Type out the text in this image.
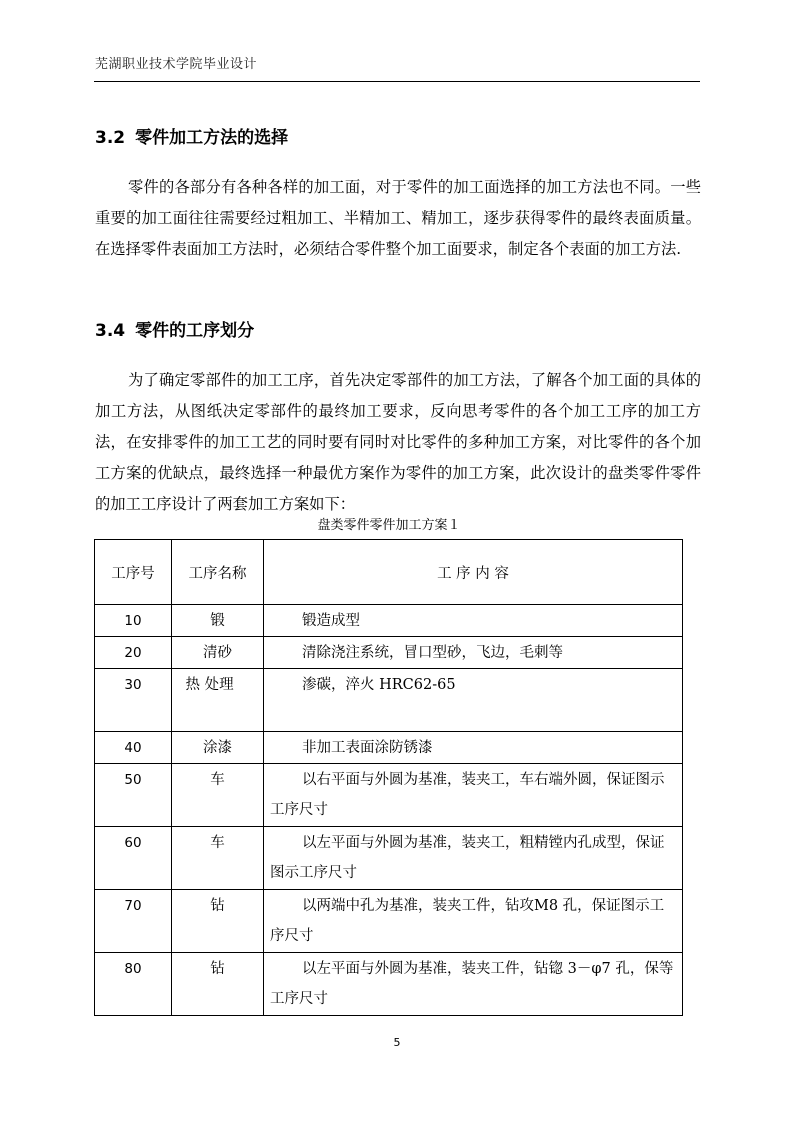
芜湖职业技术学院毕业设计
3.2 零件加工方法的选择

零件的各部分有各种各样的加工面，对于零件的加工面选择的加工方法也不同。一些重要的加工面往往需要经过粗加工、半精加工、精加工，逐步获得零件的最终表面质量。在选择零件表面加工方法时，必须结合零件整个加工面要求，制定各个表面的加工方法.

3.4 零件的工序划分

为了确定零部件的加工工序，首先决定零部件的加工方法，了解各个加工面的具体的加工方法，从图纸决定零部件的最终加工要求，反向思考零件的各个加工工序的加工方法，在安排零件的加工工艺的同时要有同时对比零件的多种加工方案，对比零件的各个加工方案的优缺点，最终选择一种最优方案作为零件的加工方案，此次设计的盘类零件零件的加工工序设计了两套加工方案如下：

盘类零件零件加工方案１
工序号	工序名称	工 序 内 容

10	锻	锻造成型

20	清砂	清除浇注系统，冒口型砂，飞边，毛刺等

30	热 处理	渗碳，淬火 HRC62-65

40	涂漆	非加工表面涂防锈漆

50	车	以右平面与外圆为基准，装夹工，车右端外圆，保证图示工序尺寸

60	车	以左平面与外圆为基准，装夹工，粗精镗内孔成型，保证图示工序尺寸

70	钻	以两端中孔为基准，装夹工件，钻攻M8 孔，保证图示工序尺寸

80	钻	以左平面与外圆为基准，装夹工件，钻锪 3－φ7 孔，保等工序尺寸
5
